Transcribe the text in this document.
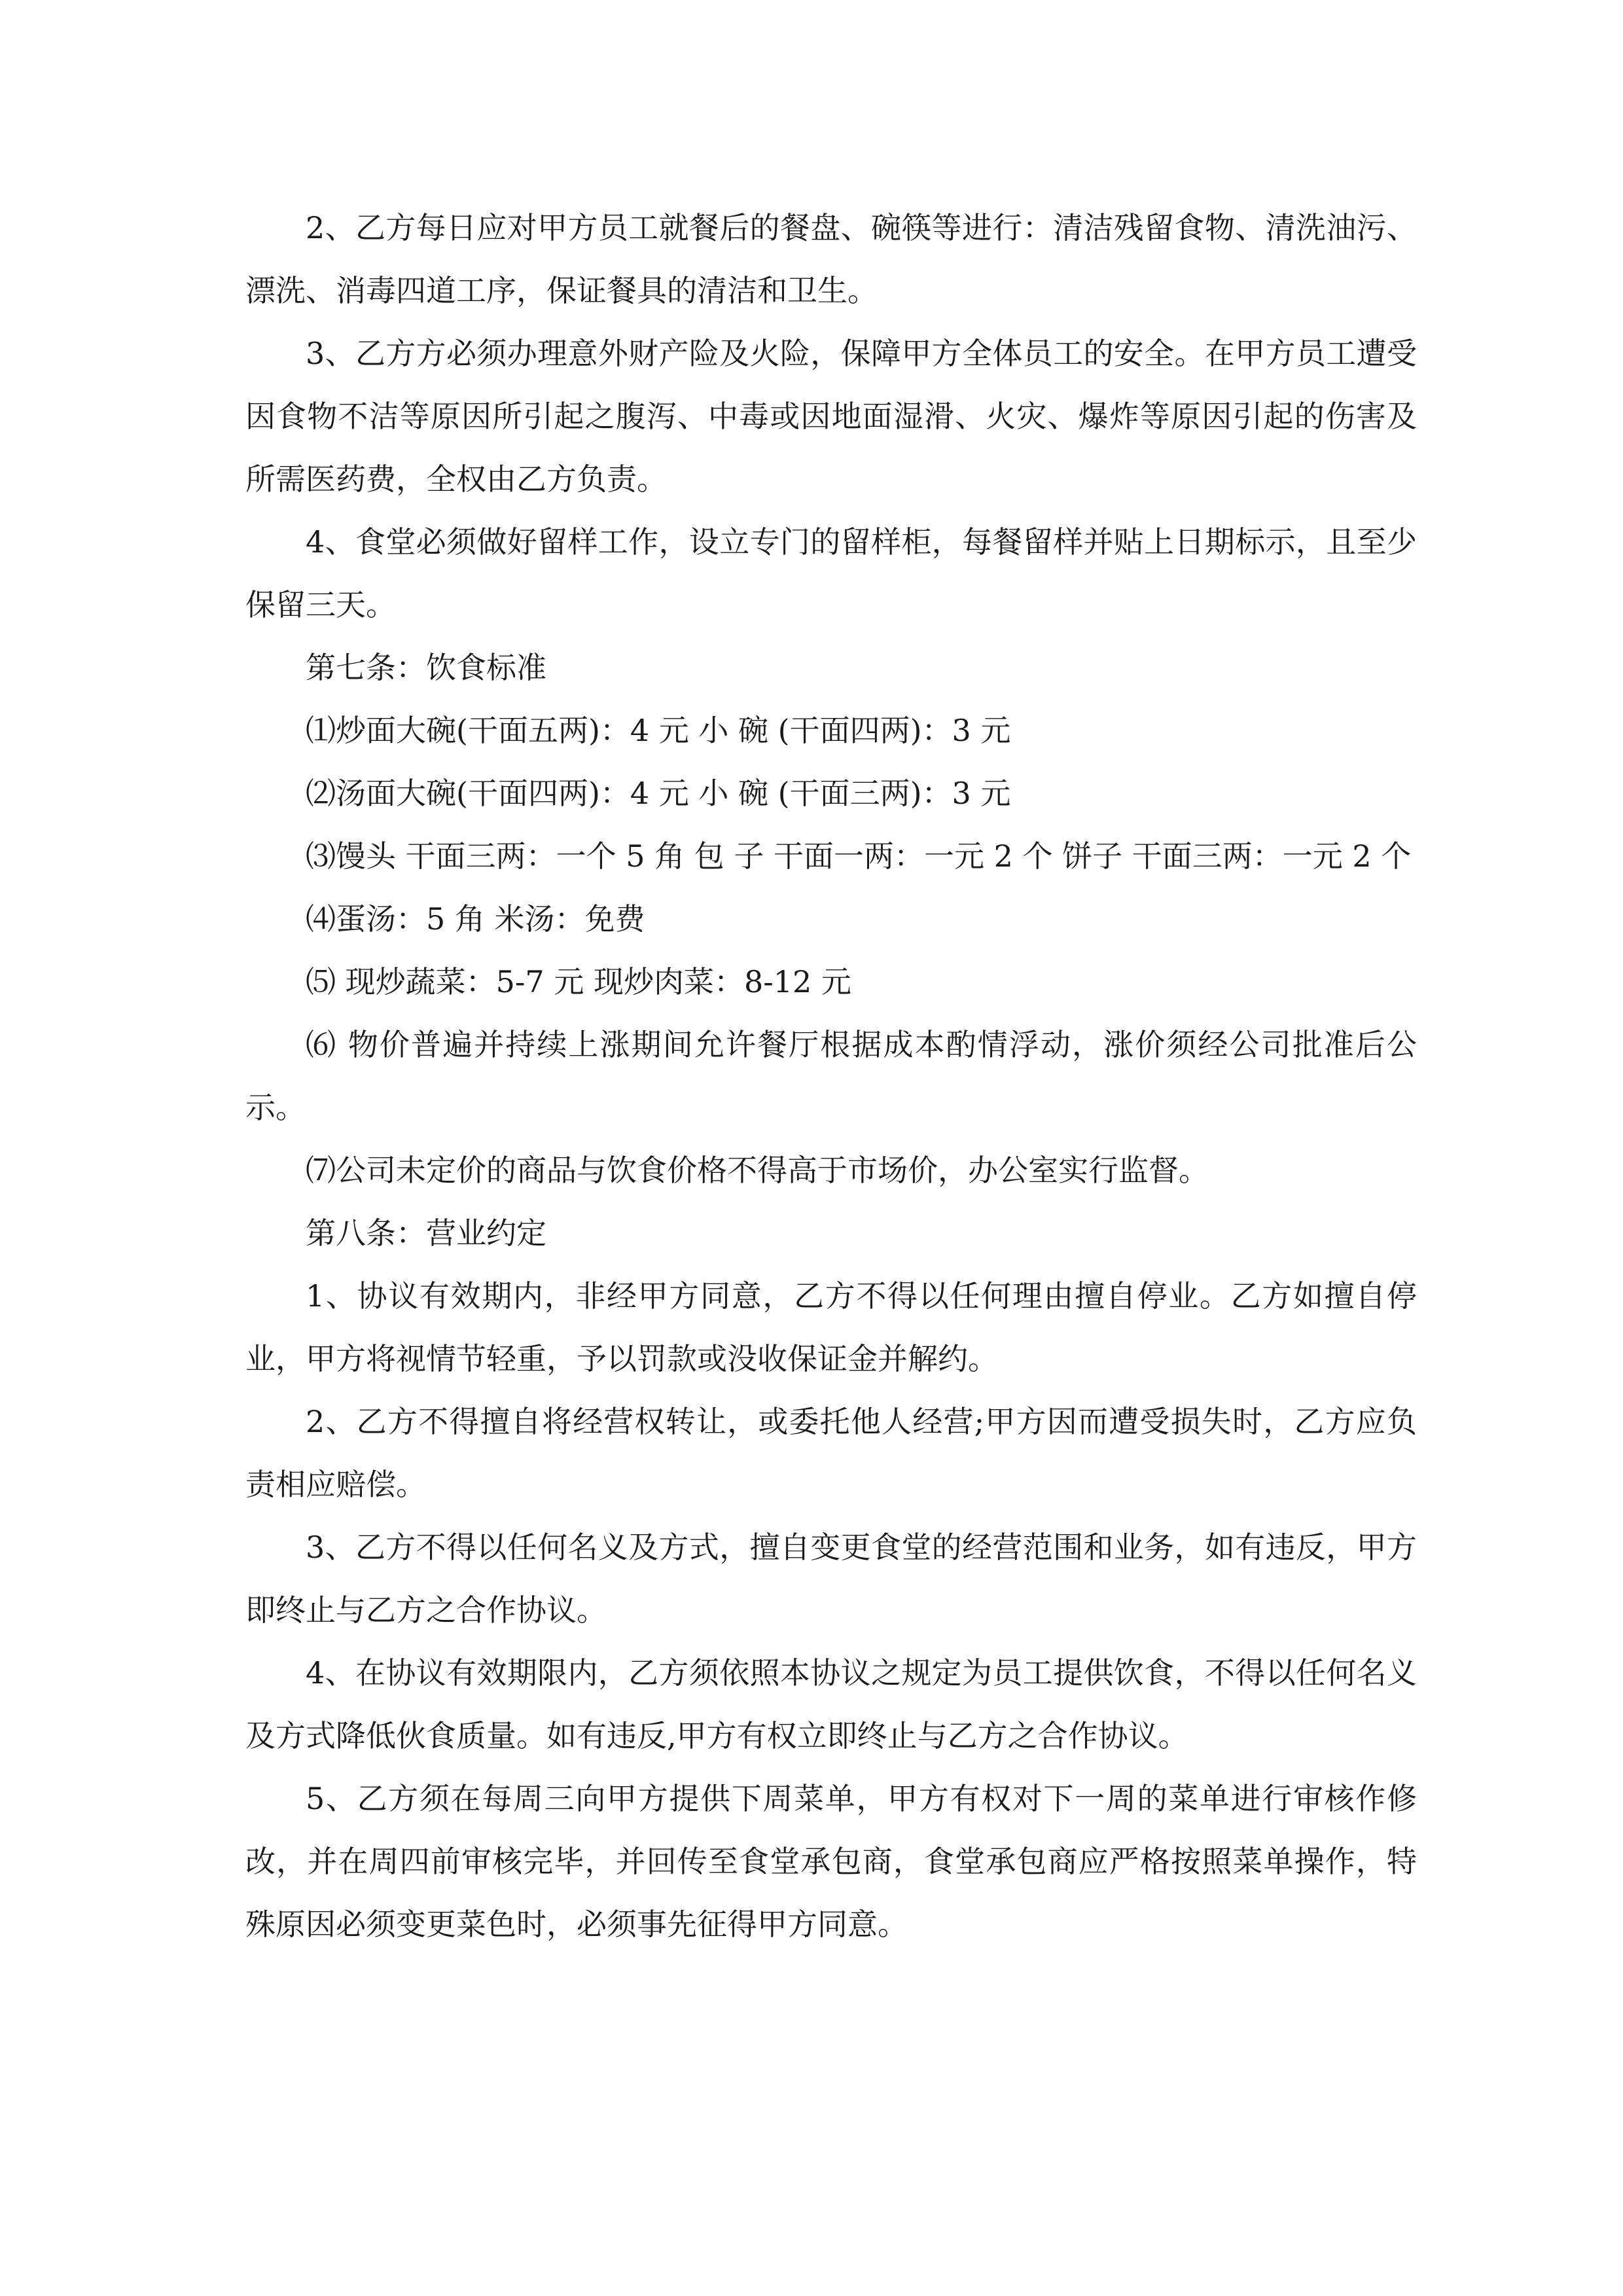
2、乙方每日应对甲方员工就餐后的餐盘、碗筷等进行：清洁残留食物、清洗油污、漂洗、消毒四道工序，保证餐具的清洁和卫生。

3、乙方方必须办理意外财产险及火险，保障甲方全体员工的安全。在甲方员工遭受因食物不洁等原因所引起之腹泻、中毒或因地面湿滑、火灾、爆炸等原因引起的伤害及所需医药费，全权由乙方负责。

4、食堂必须做好留样工作，设立专门的留样柜，每餐留样并贴上日期标示，且至少保留三天。

第七条：饮食标准

⑴炒面大碗(干面五两)：4 元 小 碗 (干面四两)：3 元

⑵汤面大碗(干面四两)：4 元 小 碗 (干面三两)：3 元

⑶馒头 干面三两：一个 5 角 包 子 干面一两：一元 2 个 饼子 干面三两：一元 2 个

⑷蛋汤：5 角 米汤：免费

⑸ 现炒蔬菜：5-7 元 现炒肉菜：8-12 元

⑹ 物价普遍并持续上涨期间允许餐厅根据成本酌情浮动，涨价须经公司批准后公示。

⑺公司未定价的商品与饮食价格不得高于市场价，办公室实行监督。

第八条：营业约定

1、协议有效期内，非经甲方同意，乙方不得以任何理由擅自停业。乙方如擅自停业，甲方将视情节轻重，予以罚款或没收保证金并解约。

2、乙方不得擅自将经营权转让，或委托他人经营;甲方因而遭受损失时，乙方应负责相应赔偿。

3、乙方不得以任何名义及方式，擅自变更食堂的经营范围和业务，如有违反，甲方即终止与乙方之合作协议。

4、在协议有效期限内，乙方须依照本协议之规定为员工提供饮食，不得以任何名义及方式降低伙食质量。如有违反,甲方有权立即终止与乙方之合作协议。

5、乙方须在每周三向甲方提供下周菜单，甲方有权对下一周的菜单进行审核作修改，并在周四前审核完毕，并回传至食堂承包商，食堂承包商应严格按照菜单操作，特殊原因必须变更菜色时，必须事先征得甲方同意。
